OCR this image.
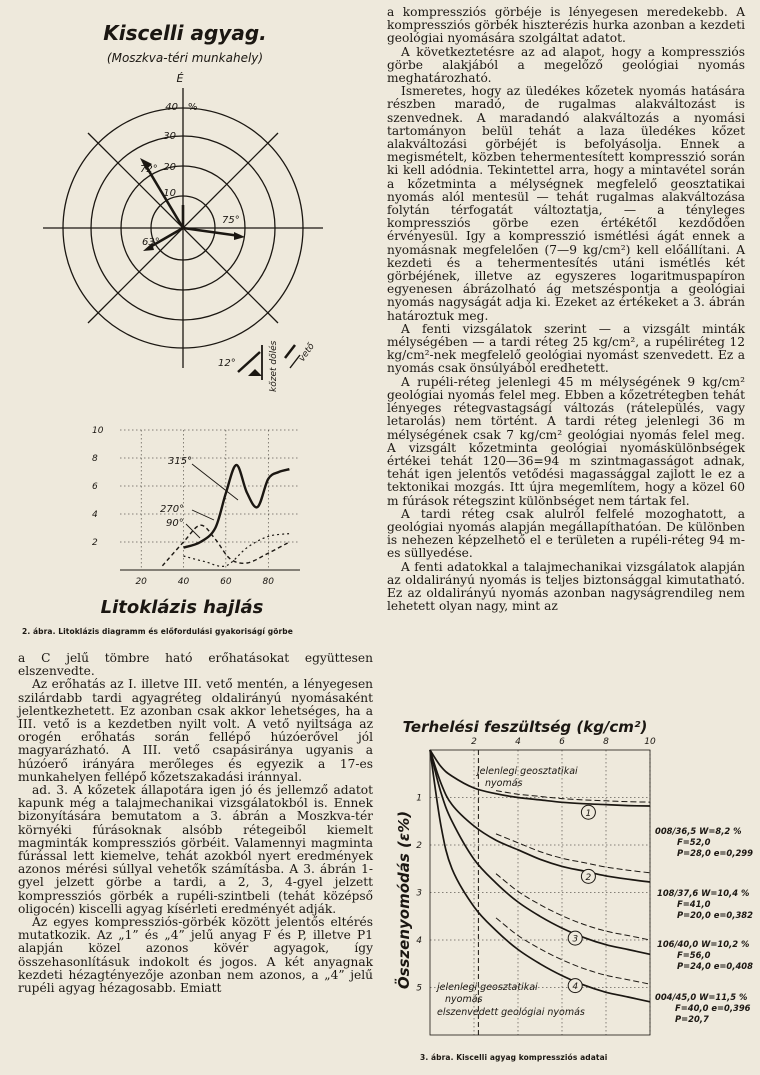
Kiscelli agyag.
(Moszkva-téri munkahely)
É
10
20
30
40 %
72°
63°
75°
12°	kőzet dőlés vető
20	40	60	80
2
4
6
8
10
315°
270°
90°
Litoklázis hajlás
2. ábra. Litoklázis diagramm és előfordulási gyakoriságí görbe

a C jelű tömbre ható erőhatásokat együttesen elszenvedte.

Az erőhatás az I. illetve III. vető mentén, a lényegesen szilárdabb tardi agyagréteg oldalirányú nyomásaként jelentkezhetett. Ez azonban csak akkor lehetséges, ha a III. vető is a kezdetben nyilt volt. A vető nyiltsága az orogén erőhatás során fellépő húzóerővel jól magyarázható. A III. vető csapásiránya ugyanis a húzóerő irányára merőleges és egyezik a 17-es munkahelyen fellépő kőzetszakadási iránnyal.

ad. 3. A kőzetek állapotára igen jó és jellemző adatot kapunk még a talajmechanikai vizsgálatokból is. Ennek bizonyítására bemutatom a 3. ábrán a Moszkva-tér környéki fúrásoknak alsóbb rétegeiből kiemelt magminták kompressziós görbéit. Valamennyi magminta fúrással lett kiemelve, tehát azokból nyert eredmények azonos mérési súllyal vehetők számításba. A 3. ábrán 1-gyel jelzett görbe a tardi, a 2, 3, 4-gyel jelzett kompressziós görbék a rupéli-szintbeli (tehát középső oligocén) kiscelli agyag kísérleti eredményét adják.

Az egyes kompressziós-görbék között jelentős eltérés mutatkozik. Az „1” és „4” jelű anyag F és P, illetve P1 alapján közel azonos kövér agyagok, így összehasonlításuk indokolt és jogos. A két anyagnak kezdeti hézagtényezője azonban nem azonos, a „4” jelű rupéli agyag hézagosabb. Emiatt

a kompressziós görbéje is lényegesen meredekebb. A kompressziós görbék hiszterézis hurka azonban a kezdeti geológiai nyomására szolgáltat adatot.

A következtetésre az ad alapot, hogy a kompressziós görbe alakjából a megelőző geológiai nyomás meghatározható.

Ismeretes, hogy az üledékes kőzetek nyomás hatására részben maradó, de rugalmas alakváltozást is szenvednek. A maradandó alakváltozás a nyomási tartományon belül tehát a laza üledékes kőzet alakváltozási görbéjét is befolyásolja. Ennek a megismételt, közben tehermentesített kompresszió során ki kell adódnia. Tekintettel arra, hogy a mintavétel során a kőzetminta a mélységnek megfelelő geosztatikai nyomás alól mentesül — tehát rugalmas alakváltozása folytán térfogatát változtatja, — a tényleges kompressziós görbe ezen értékétől kezdődően érvényesül. Igy a kompresszió ismétlési ágát ennek a nyomásnak megfelelően (7—9 kg/cm²) kell előállítani. A kezdeti és a tehermentesítés utáni ismétlés két görbéjének, illetve az egyszeres logaritmuspapíron egyenesen ábrázolható ág metszéspontja a geológiai nyomás nagyságát adja ki. Ezeket az értékeket a 3. ábrán határoztuk meg.

A fenti vizsgálatok szerint — a vizsgált minták mélységében — a tardi réteg 25 kg/cm², a rupéliréteg 12 kg/cm²-nek megfelelő geológiai nyomást szenvedett. Ez a nyomás csak önsúlyából eredhetett.

A rupéli-réteg jelenlegi 45 m mélységének 9 kg/cm² geológiai nyomás felel meg. Ebben a kőzetrétegben tehát lényeges rétegvastagságí változás (rátelepülés, vagy letarolás) nem történt. A tardi réteg jelenlegi 36 m mélységének csak 7 kg/cm² geológiai nyomás felel meg. A vizsgált kőzetminta geológiai nyomáskülönbségek értékei tehát 120—36=94 m szintmagasságot adnak, tehát igen jelentős vetődési magassággal zajlott le ez a tektonikai mozgás. Itt újra megemlítem, hogy a közel 60 m fúrások rétegszint különbséget nem tártak fel.

A tardi réteg csak alulról felfelé mozoghatott, a geológiai nyomás alapján megállapíthatóan. De különben is nehezen képzelhető el e területen a rupéli-réteg 94 m-es süllyedése.

A fenti adatokkal a talajmechanikai vizsgálatok alapján az oldalirányú nyomás is teljes biztonsággal kimutatható. Ez az oldalirányú nyomás azonban nagyságrendileg nem lehetett olyan nagy, mint az

Terhelési feszültség (kg/cm²)
Összenyomódás (ε%)
2	4	6	8	10
1
2
3
4
5
1
2
3
4
jelenlegi geosztatikai
nyomás
jelenlegi geosztatikai
nyomás
elszenvedett geológiai nyomás
008/36,5 W=8,2 %
F=52,0
P=28,0 e=0,299
108/37,6 W=10,4 %
F=41,0
P=20,0 e=0,382
106/40,0 W=10,2 %
F=56,0
P=24,0 e=0,408
004/45,0 W=11,5 %
F=40,0 e=0,396
P=20,7
3. ábra. Kiscelli agyag kompressziós adatai
